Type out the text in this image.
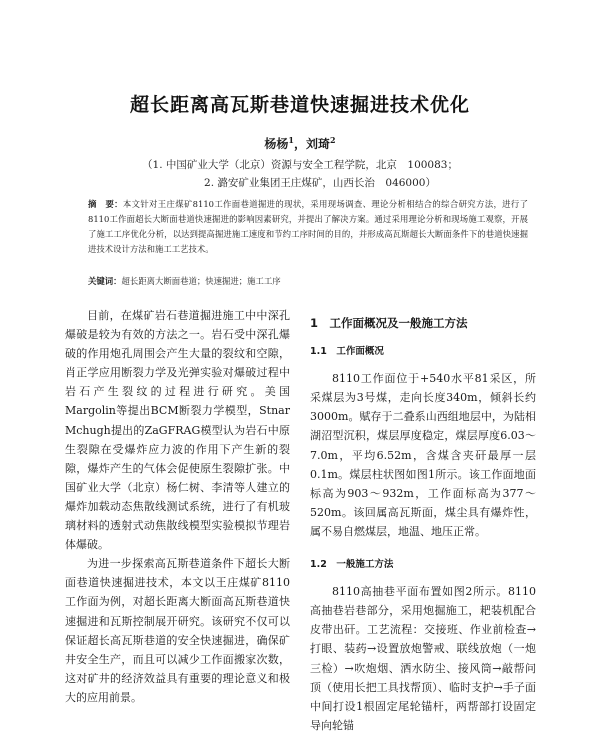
超长距离高瓦斯巷道快速掘进技术优化
杨杨$^1$，刘琦$^2$
（1. 中国矿业大学（北京）资源与安全工程学院，北京　100083；
2. 潞安矿业集团王庄煤矿，山西长治　046000）
摘　要：本文针对王庄煤矿8110工作面巷道掘进的现状，采用现场调查、理论分析相结合的综合研究方法，进行了8110工作面超长大断面巷道快速掘进的影响因素研究，并提出了解决方案。通过采用理论分析和现场施工观察，开展了施工工序优化分析，以达到提高掘进施工速度和节约工序时间的目的，并形成高瓦斯超长大断面条件下的巷道快速掘进技术设计方法和施工工艺技术。
关键词：超长距离大断面巷道；快速掘进；施工工序

目前，在煤矿岩石巷道掘进施工中中深孔爆破是较为有效的方法之一。岩石受中深孔爆破的作用炮孔周围会产生大量的裂纹和空隙，肖正学应用断裂力学及光弹实验对爆破过程中岩石产生裂纹的过程进行研究。美国Margolin等提出BCM断裂力学模型，Stnar Mchugh提出的ZaGFRAG模型认为岩石中原生裂隙在受爆炸应力波的作用下产生新的裂隙，爆炸产生的气体会促使原生裂隙扩张。中国矿业大学（北京）杨仁树、李清等人建立的爆炸加载动态焦散线测试系统，进行了有机玻璃材料的透射式动焦散线模型实验模拟节理岩体爆破。

为进一步探索高瓦斯巷道条件下超长大断面巷道快速掘进技术，本文以王庄煤矿8110工作面为例，对超长距离大断面高瓦斯巷道快速掘进和瓦斯控制展开研究。该研究不仅可以保证超长高瓦斯巷道的安全快速掘进，确保矿井安全生产，而且可以减少工作面搬家次数，这对矿井的经济效益具有重要的理论意义和极大的应用前景。

1　工作面概况及一般施工方法
1.1　工作面概况

8110工作面位于+540水平81采区，所采煤层为3号煤，走向长度340m，倾斜长约3000m。赋存于二叠系山西组地层中，为陆相湖沼型沉积，煤层厚度稳定，煤层厚度6.03～7.0m，平均6.52m，含煤含夹矸最厚一层0.1m。煤层柱状图如图1所示。该工作面地面标高为903～932m，工作面标高为377～520m。该回属高瓦斯面，煤尘具有爆炸性，属不易自燃煤层，地温、地压正常。

1.2　一般施工方法

8110高抽巷平面布置如图2所示。8110高抽巷岩巷部分，采用炮掘施工，耙装机配合皮带出矸。工艺流程：交接班、作业前检查→打眼、装药→设置放炮警戒、联线放炮（一炮三检）→吹炮烟、洒水防尘、接风筒→敲帮问顶（使用长把工具找帮顶）、临时支护→手子面中间打设1根固定尾轮锚杆，两帮部打设固定导向轮锚
